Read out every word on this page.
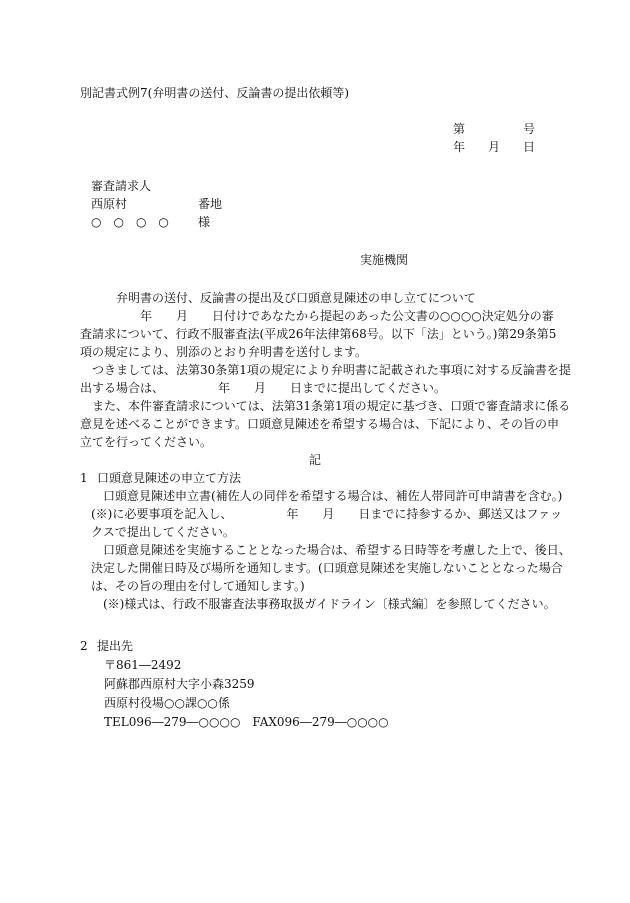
別記書式例7(弁明書の送付、反論書の提出依頼等)
第	号
年 月 日
審査請求人
西原村	番地
○　○　○　○ 様
実施機関
弁明書の送付、反論書の提出及び口頭意見陳述の申し立てについて
　　　　　年　　月　　日付けであなたから提起のあった公文書の○○○○決定処分の審
査請求について、行政不服審査法(平成26年法律第68号。以下「法」という。)第29条第5
項の規定により、別添のとおり弁明書を送付します。
　つきましては、法第30条第1項の規定により弁明書に記載された事項に対する反論書を提
出する場合は、　　　　　年　　月　　日までに提出してください。
　また、本件審査請求については、法第31条第1項の規定に基づき、口頭で審査請求に係る
意見を述べることができます。口頭意見陳述を希望する場合は、下記により、その旨の申
立てを行ってください。
記
1 口頭意見陳述の申立て方法
　口頭意見陳述申立書(補佐人の同伴を希望する場合は、補佐人帯同許可申請書を含む。)
(※)に必要事項を記入し、　　　　　年　　月　　日までに持参するか、郵送又はファッ
クスで提出してください。
　口頭意見陳述を実施することとなった場合は、希望する日時等を考慮した上で、後日、
決定した開催日時及び場所を通知します。(口頭意見陳述を実施しないこととなった場合
は、その旨の理由を付して通知します。)
　(※)様式は、行政不服審査法事務取扱ガイドライン〔様式編〕を参照してください。
2 提出先
〒861―2492
阿蘇郡西原村大字小森3259
西原村役場○○課○○係
TEL096―279―○○○○　FAX096―279―○○○○
